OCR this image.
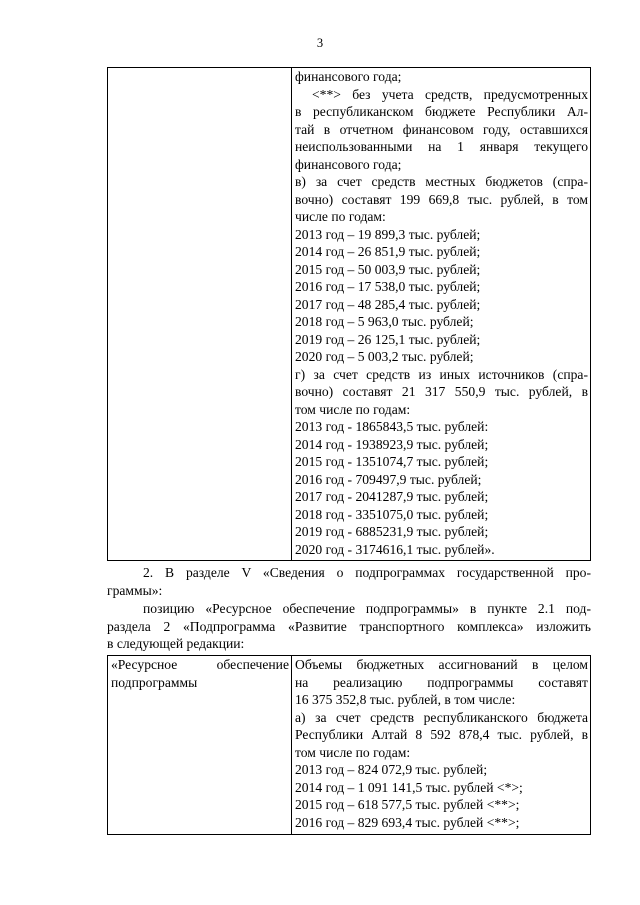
3

финансового года;
<**> без учета средств, предусмотренных
в республиканском бюджете Республики Ал-
тай в отчетном финансовом году, оставшихся
неиспользованными на 1 января текущего
финансового года;
в) за счет средств местных бюджетов (спра-
вочно) составят 199 669,8 тыс. рублей, в том
числе по годам:
2013 год – 19 899,3 тыс. рублей;
2014 год – 26 851,9 тыс. рублей;
2015 год – 50 003,9 тыс. рублей;
2016 год – 17 538,0 тыс. рублей;
2017 год – 48 285,4 тыс. рублей;
2018 год – 5 963,0 тыс. рублей;
2019 год – 26 125,1 тыс. рублей;
2020 год – 5 003,2 тыс. рублей;
г) за счет средств из иных источников (спра-
вочно) составят 21 317 550,9 тыс. рублей, в
том числе по годам:
2013 год - 1865843,5 тыс. рублей:
2014 год - 1938923,9 тыс. рублей;
2015 год - 1351074,7 тыс. рублей;
2016 год - 709497,9 тыс. рублей;
2017 год - 2041287,9 тыс. рублей;
2018 год - 3351075,0 тыс. рублей;
2019 год - 6885231,9 тыс. рублей;
2020 год - 3174616,1 тыс. рублей».
2. В разделе V «Сведения о подпрограммах государственной про-
граммы»:
позицию «Ресурсное обеспечение подпрограммы» в пункте 2.1 под-
раздела 2 «Подпрограмма «Развитие транспортного комплекса» изложить
в следующей редакции:
«Ресурсное обеспечение
подпрограммы

Объемы бюджетных ассигнований в целом
на реализацию подпрограммы составят
16 375 352,8 тыс. рублей, в том числе:
а) за счет средств республиканского бюджета
Республики Алтай 8 592 878,4 тыс. рублей, в
том числе по годам:
2013 год – 824 072,9 тыс. рублей;
2014 год – 1 091 141,5 тыс. рублей <*>;
2015 год – 618 577,5 тыс. рублей <**>;
2016 год – 829 693,4 тыс. рублей <**>;
